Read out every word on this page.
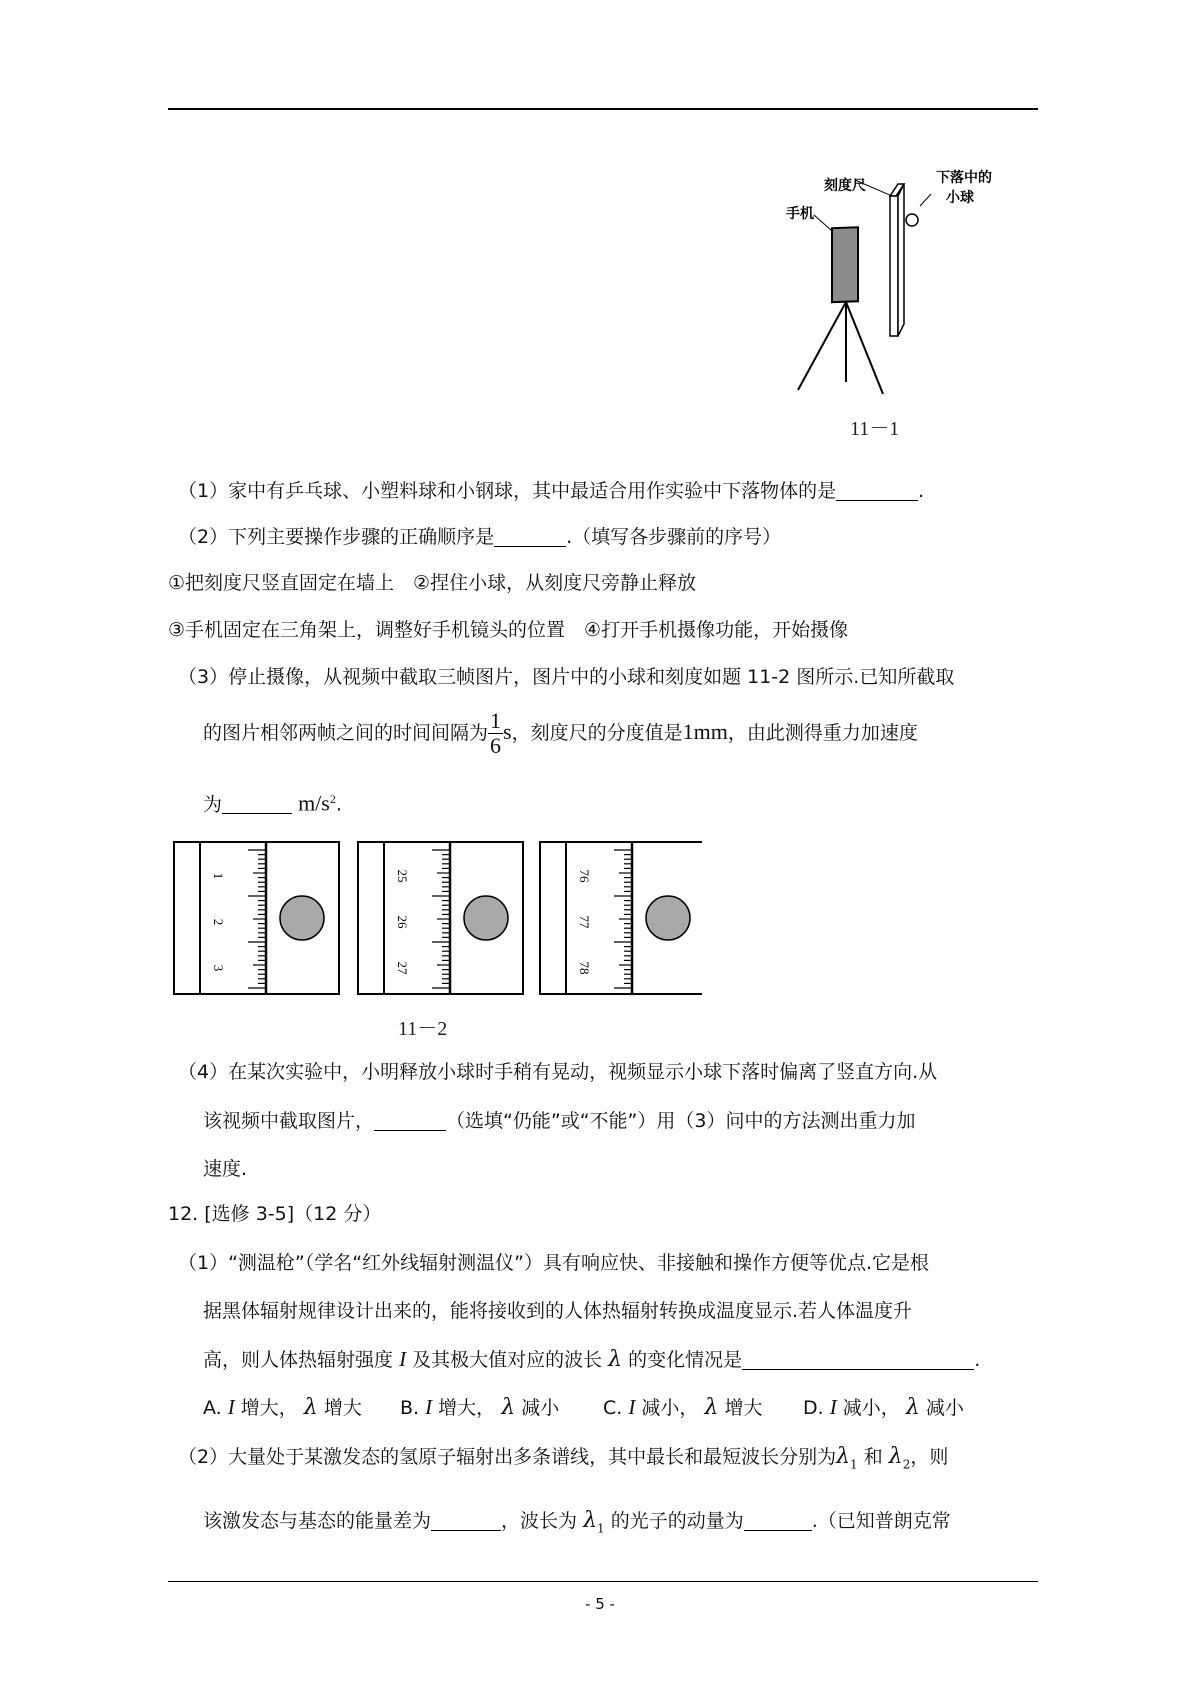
手机
刻度尺	下落中的
小球
11－1
（1）家中有乒乓球、小塑料球和小钢球，其中最适合用作实验中下落物体的是	.
（2）下列主要操作步骤的正确顺序是	.（填写各步骤前的序号）
①把刻度尺竖直固定在墙上　②捏住小球，从刻度尺旁静止释放
③手机固定在三角架上，调整好手机镜头的位置　④打开手机摄像功能，开始摄像
（3）停止摄像，从视频中截取三帧图片，图片中的小球和刻度如题 11-2 图所示.已知所截取
的图片相邻两帧之间的时间间隔为 $\frac{1}{6}$ s，刻度尺的分度值是1mm，由此测得重力加速度
为	$m/s^2$.
1
2
3
25
26
27
76
77
78
11－2
（4）在某次实验中，小明释放小球时手稍有晃动，视频显示小球下落时偏离了竖直方向.从
该视频中截取图片，	（选填“仍能”或“不能”）用（3）问中的方法测出重力加
速度.
12. [选修 3-5]（12 分）
（1）“测温枪”（学名“红外线辐射测温仪”）具有响应快、非接触和操作方便等优点.它是根
据黑体辐射规律设计出来的，能将接收到的人体热辐射转换成温度显示.若人体温度升
高，则人体热辐射强度 I 及其极大值对应的波长 λ 的变化情况是	.
A. I 增大， λ 增大 B. I 增大， λ 减小 C. I 减小， λ 增大 D. I 减小， λ 减小
（2）大量处于某激发态的氢原子辐射出多条谱线，其中最长和最短波长分别为$\lambda_1$ 和 $\lambda_2$，则
该激发态与基态的能量差为	，波长为 $\lambda_1$ 的光子的动量为	.（已知普朗克常
- 5 -
